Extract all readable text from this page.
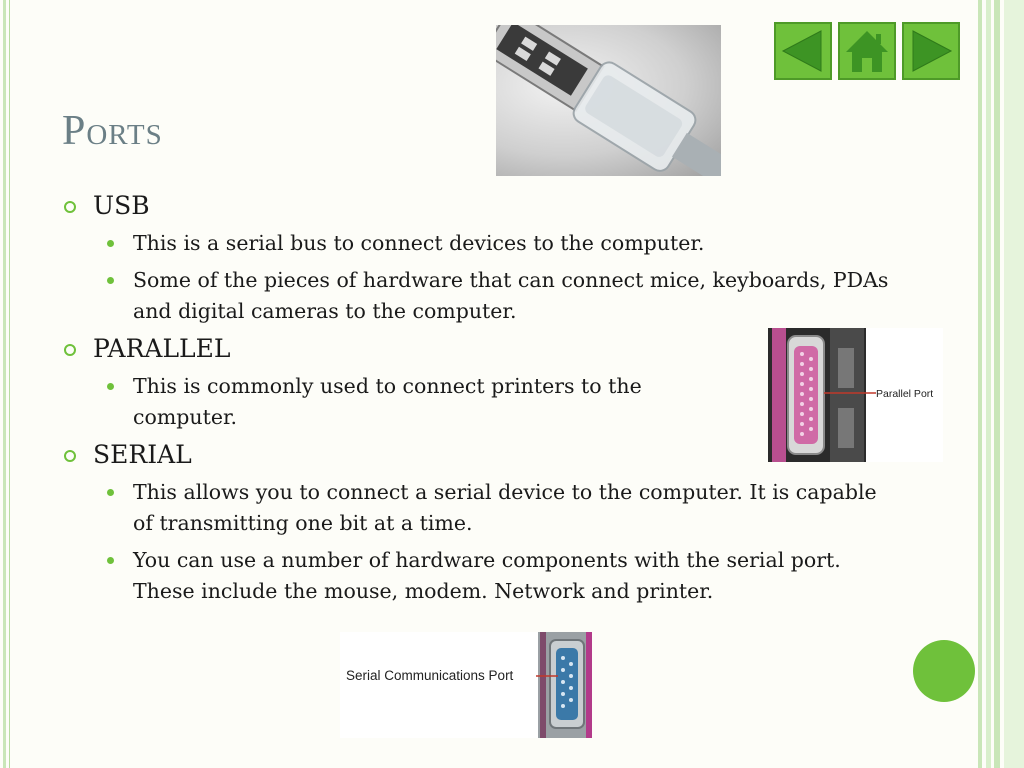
Ports
USB
This is a serial bus to connect devices to the computer.
Some of the pieces of hardware that can connect mice, keyboards, PDAs and digital cameras to the computer.
PARALLEL
This is commonly used to connect printers to the computer.
SERIAL
This allows you to connect a serial device to the computer. It is capable of transmitting one bit at a time.
You can use a number of hardware components with the serial port. These include the mouse, modem. Network and printer.
Parallel Port
Serial Communications Port
